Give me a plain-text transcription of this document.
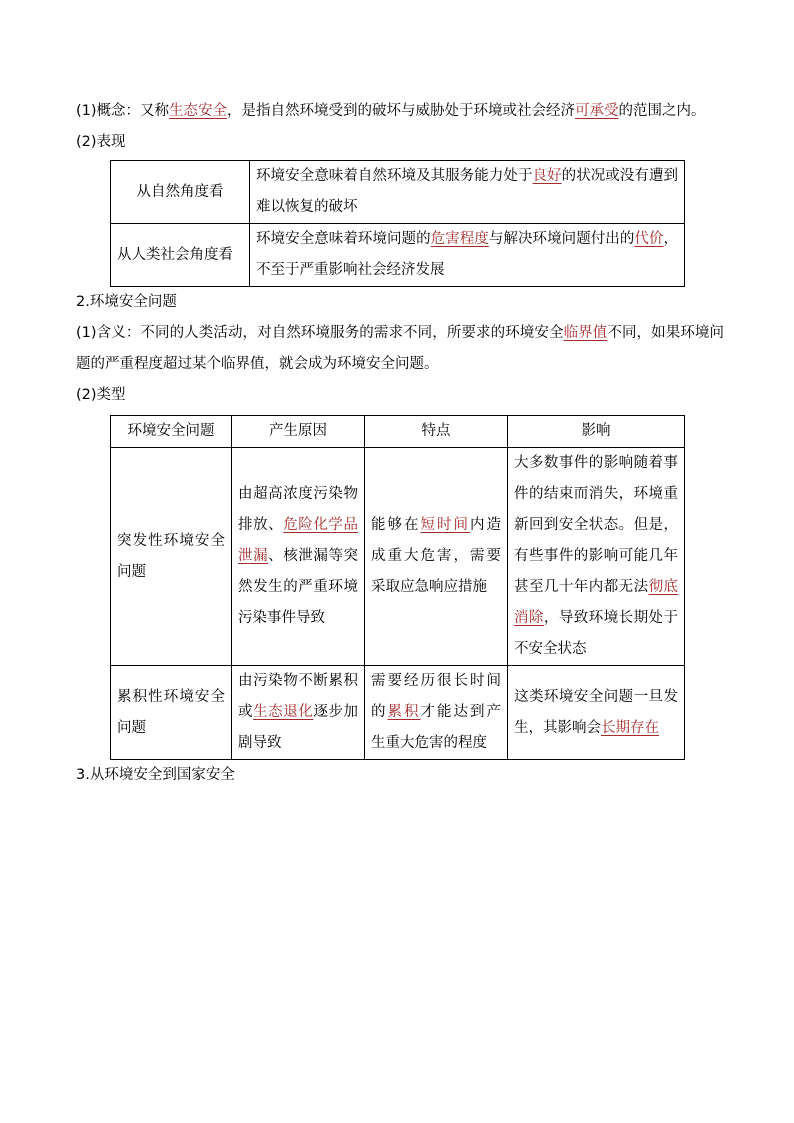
(1)概念：又称生态安全，是指自然环境受到的破坏与威胁处于环境或社会经济可承受的范围之内。

(2)表现

从自然角度看	环境安全意味着自然环境及其服务能力处于良好的状况或没有遭到难以恢复的破坏
从人类社会角度看	环境安全意味着环境问题的危害程度与解决环境问题付出的代价，不至于严重影响社会经济发展

2.环境安全问题

(1)含义：不同的人类活动，对自然环境服务的需求不同，所要求的环境安全临界值不同，如果环境问题的严重程度超过某个临界值，就会成为环境安全问题。

(2)类型

环境安全问题	产生原因	特点	影响
突发性环境安全问题	由超高浓度污染物排放、危险化学品泄漏、核泄漏等突然发生的严重环境污染事件导致	能够在短时间内造成重大危害，需要采取应急响应措施	大多数事件的影响随着事件的结束而消失，环境重新回到安全状态。但是，有些事件的影响可能几年甚至几十年内都无法彻底消除，导致环境长期处于不安全状态
累积性环境安全问题	由污染物不断累积或生态退化逐步加剧导致	需要经历很长时间的累积才能达到产生重大危害的程度	这类环境安全问题一旦发生，其影响会长期存在

3.从环境安全到国家安全
